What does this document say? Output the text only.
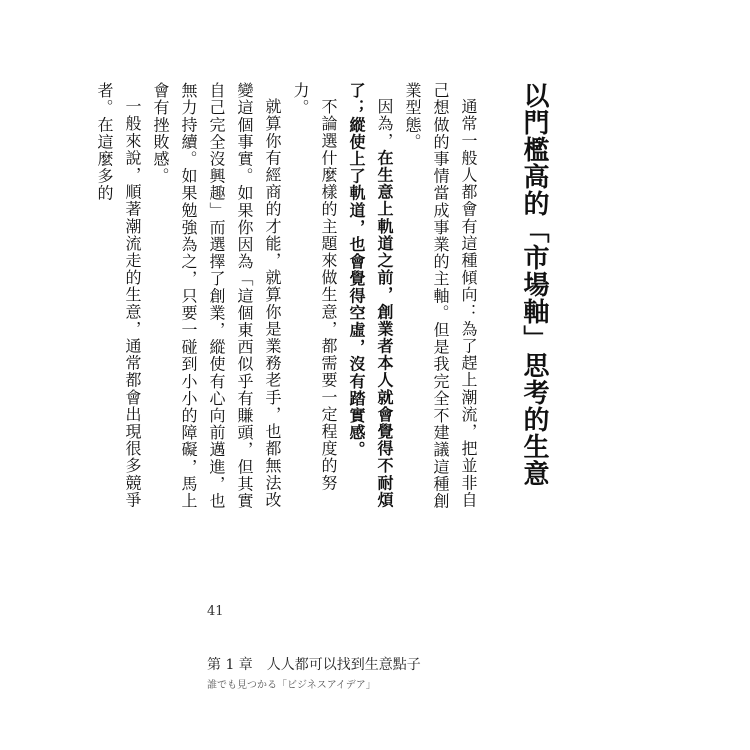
以門檻高的「市場軸」思考的生意

通常一般人都會有這種傾向：為了趕上潮流，把並非自己想做的事情當成事業的主軸。但是我完全不建議這種創業型態。

因為，在生意上軌道之前，創業者本人就會覺得不耐煩了；縱使上了軌道，也會覺得空虛，沒有踏實感。

不論選什麼樣的主題來做生意，都需要一定程度的努力。

就算你有經商的才能，就算你是業務老手，也都無法改變這個事實。如果你因為「這個東西似乎有賺頭，但其實自己完全沒興趣」而選擇了創業，縱使有心向前邁進，也無力持續。如果勉強為之，只要一碰到小小的障礙，馬上會有挫敗感。

一般來說，順著潮流走的生意，通常都會出現很多競爭者。在這麼多的

41
第 1 章　人人都可以找到生意點子
誰でも見つかる「ビジネスアイデア」
